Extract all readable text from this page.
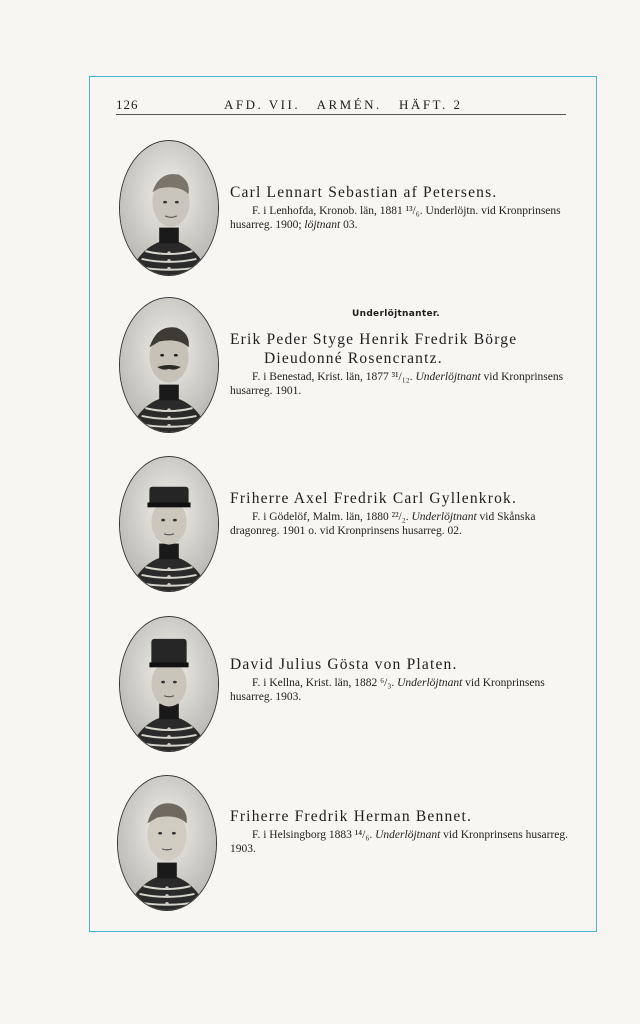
126	AFD. VII.   ARMÉN.   HÄFT. 2
Carl Lennart Sebastian af Petersens.
F. i Lenhofda, Kronob. län, 1881 ¹³/₆. Underlöjtn. vid Kronprinsens husarreg. 1900; löjtnant 03.
Underlöjtnanter.
Erik Peder Styge Henrik Fredrik Börge
Dieudonné Rosencrantz.
F. i Benestad, Krist. län, 1877 ³¹/₁₂. Underlöjtnant vid Kronprinsens husarreg. 1901.
Friherre Axel Fredrik Carl Gyllenkrok.
F. i Gödelöf, Malm. län, 1880 ²²/₂. Underlöjtnant vid Skånska dragonreg. 1901 o. vid Kronprinsens husarreg. 02.
David Julius Gösta von Platen.
F. i Kellna, Krist. län, 1882 ⁶/₃. Underlöjtnant vid Kronprinsens husarreg. 1903.
Friherre Fredrik Herman Bennet.
F. i Helsingborg 1883 ¹⁴/₆. Underlöjtnant vid Kronprinsens husarreg. 1903.
